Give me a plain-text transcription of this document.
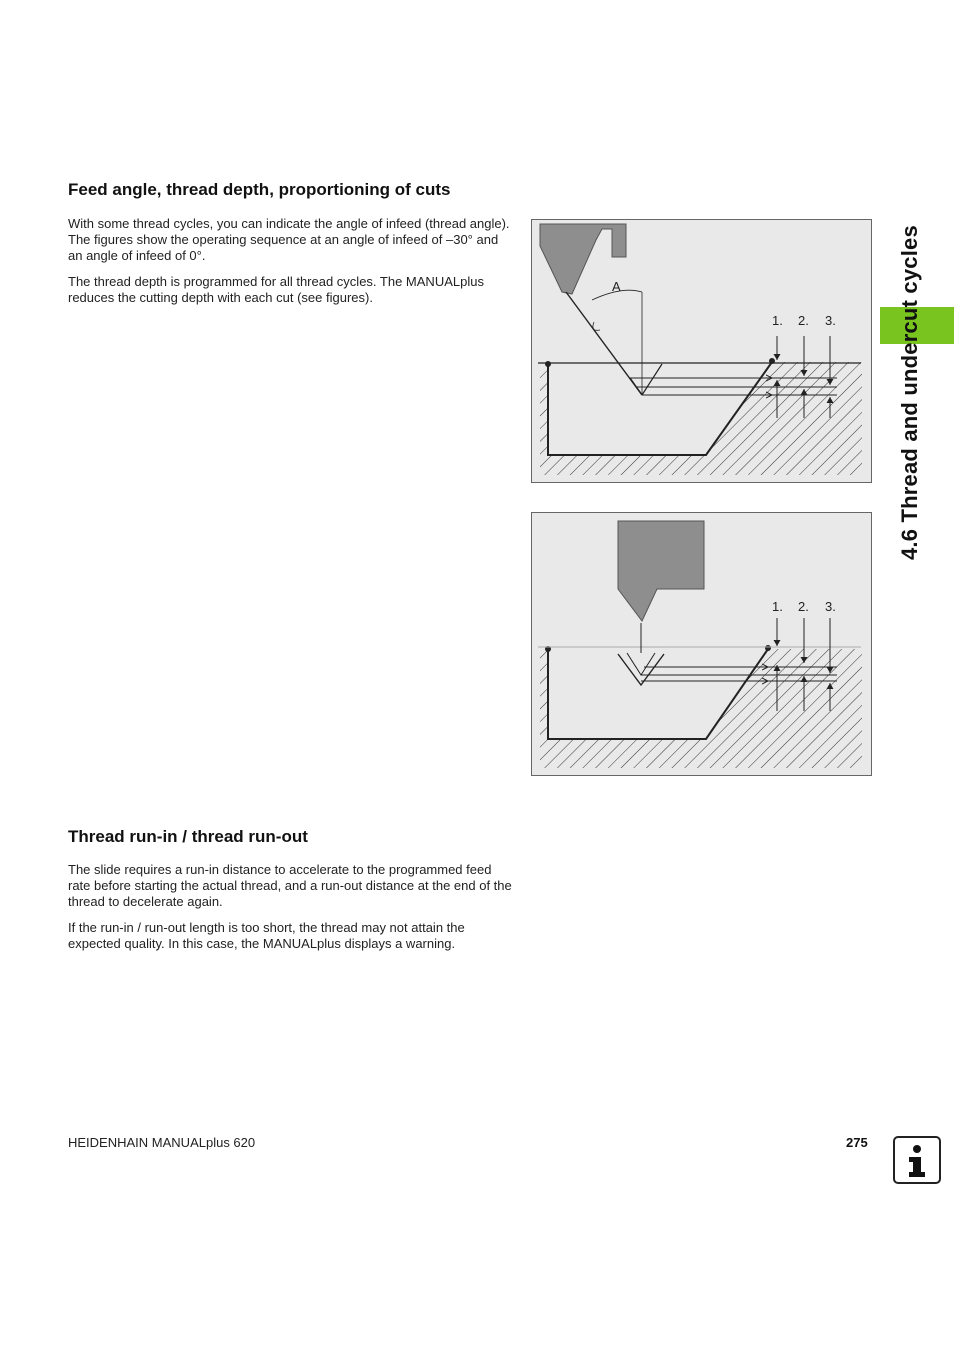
Feed angle, thread depth, proportioning of cuts

With some thread cycles, you can indicate the angle of infeed (thread angle). The figures show the operating sequence at an angle of infeed of –30° and an angle of infeed of 0°.

The thread depth is programmed for all thread cycles. The MANUALplus reduces the cutting depth with each cut (see figures).

A
1. 2. 3.
1. 2. 3.
Thread run-in / thread run-out

The slide requires a run-in distance to accelerate to the programmed feed rate before starting the actual thread, and a run-out distance at the end of the thread to decelerate again.

If the run-in / run-out length is too short, the thread may not attain the expected quality. In this case, the MANUALplus displays a warning.

4.6 Thread and undercut cycles
HEIDENHAIN MANUALplus 620	275
